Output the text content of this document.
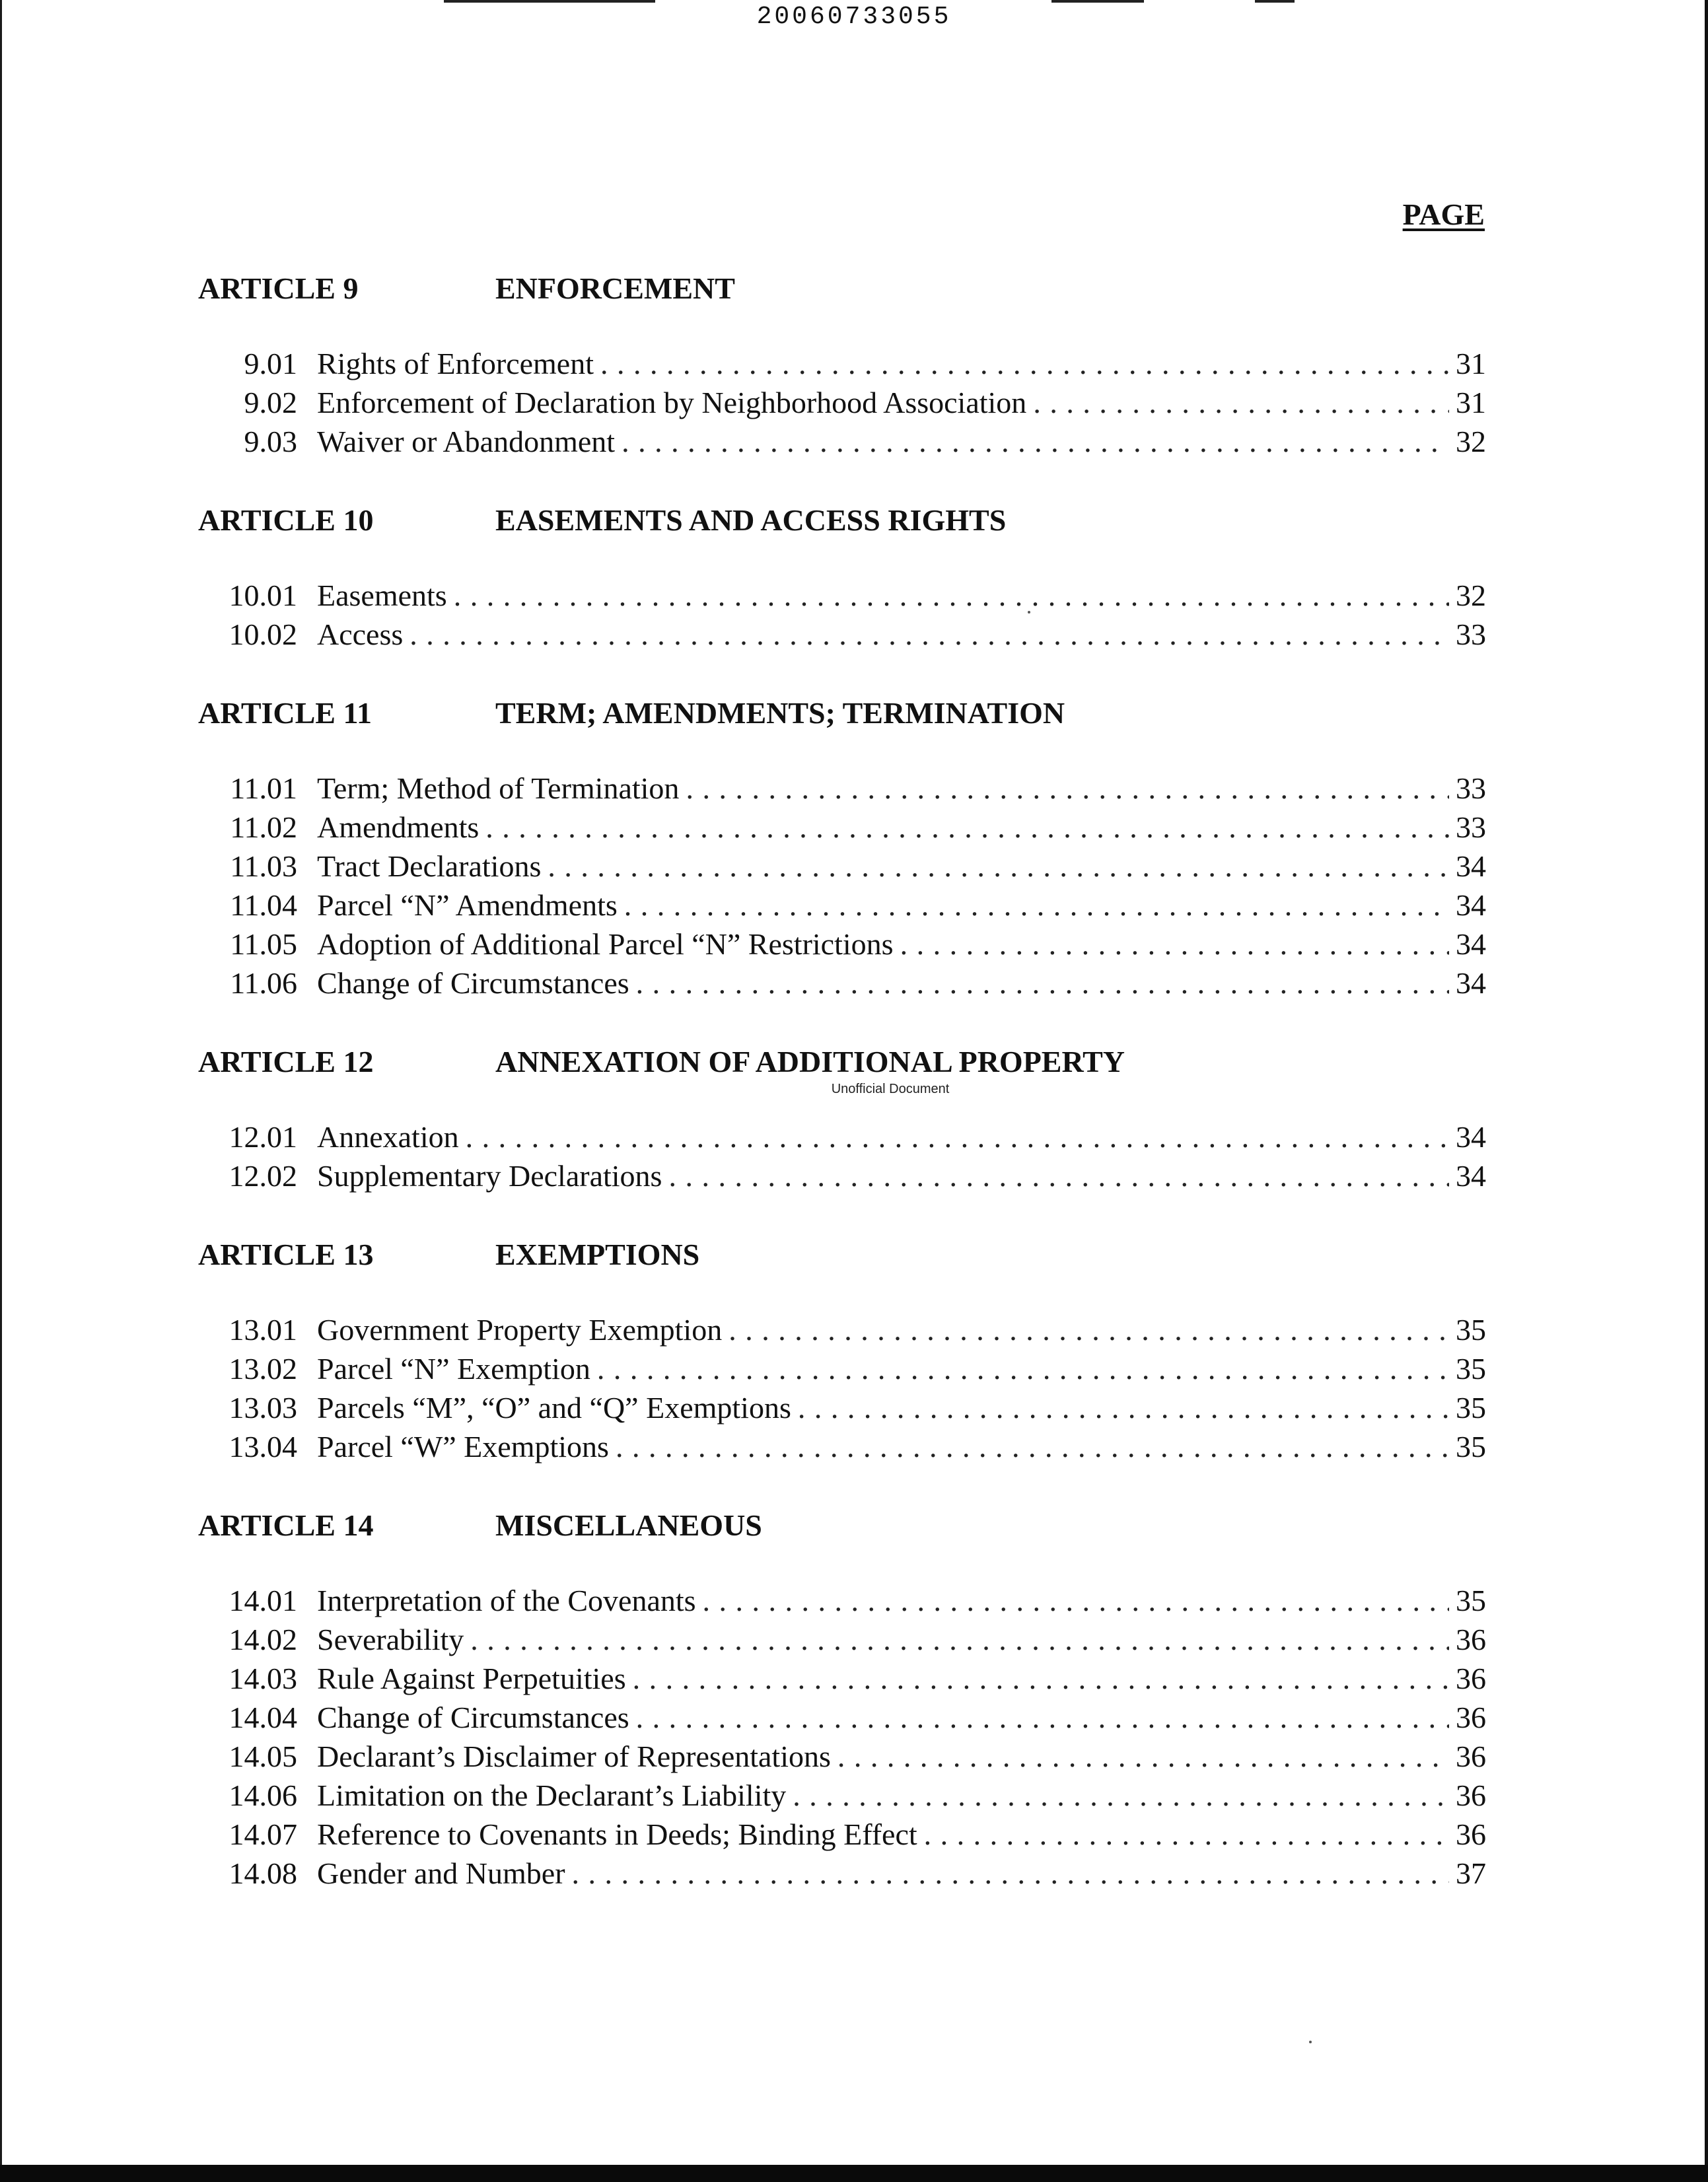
20060733055
PAGE
ARTICLE 9	ENFORCEMENT
9.01 Rights of Enforcement . . .	31
9.02 Enforcement of Declaration by Neighborhood Association . . .	31
9.03 Waiver or Abandonment . . .	32
ARTICLE 10	EASEMENTS AND ACCESS RIGHTS
10.01 Easements . . .	32
10.02 Access . . .	33
ARTICLE 11	TERM; AMENDMENTS; TERMINATION
11.01 Term; Method of Termination . . .	33
11.02 Amendments . . .	33
11.03 Tract Declarations . . .	34
11.04 Parcel “N” Amendments . . .	34
11.05 Adoption of Additional Parcel “N” Restrictions . . .	34
11.06 Change of Circumstances . . .	34
ARTICLE 12	ANNEXATION OF ADDITIONAL PROPERTY
12.01 Annexation . . .	34
12.02 Supplementary Declarations . . .	34
ARTICLE 13	EXEMPTIONS
13.01 Government Property Exemption . . .	35
13.02 Parcel “N” Exemption . . .	35
13.03 Parcels “M”, “O” and “Q” Exemptions . . .	35
13.04 Parcel “W” Exemptions . . .	35
ARTICLE 14	MISCELLANEOUS
14.01 Interpretation of the Covenants . . .	35
14.02 Severability . . .	36
14.03 Rule Against Perpetuities . . .	36
14.04 Change of Circumstances . . .	36
14.05 Declarant’s Disclaimer of Representations . . .	36
14.06 Limitation on the Declarant’s Liability . . .	36
14.07 Reference to Covenants in Deeds; Binding Effect . . .	36
14.08 Gender and Number . . .	37
Unofficial Document
